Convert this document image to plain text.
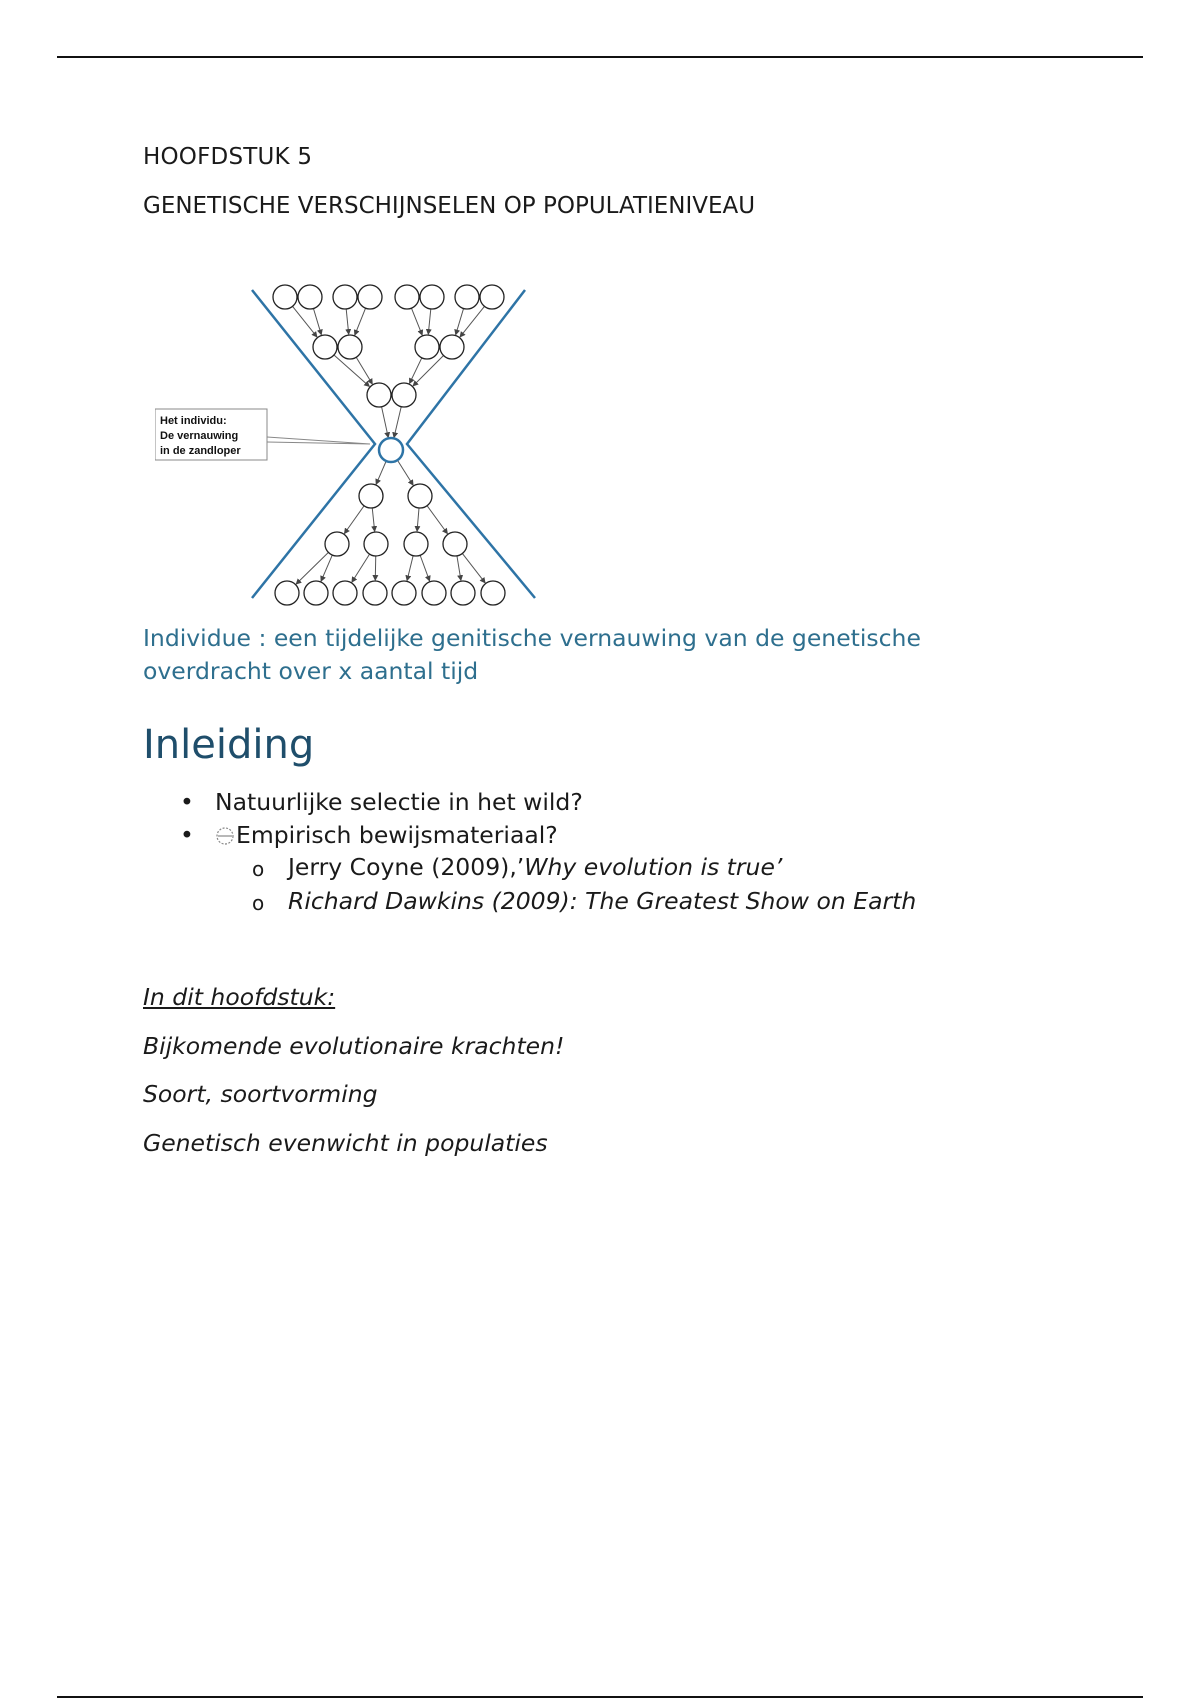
HOOFDSTUK 5
GENETISCHE VERSCHIJNSELEN OP POPULATIENIVEAU
Het individu:
De vernauwing
in de zandloper
Individue : een tijdelijke genitische vernauwing van de genetische overdracht over x aantal tijd
Inleiding
• Natuurlijke selectie in het wild?
•	Empirisch bewijsmateriaal?
o Jerry Coyne (2009),’Why evolution is true’
o Richard Dawkins (2009): The Greatest Show on Earth
In dit hoofdstuk:
Bijkomende evolutionaire krachten!
Soort, soortvorming
Genetisch evenwicht in populaties
